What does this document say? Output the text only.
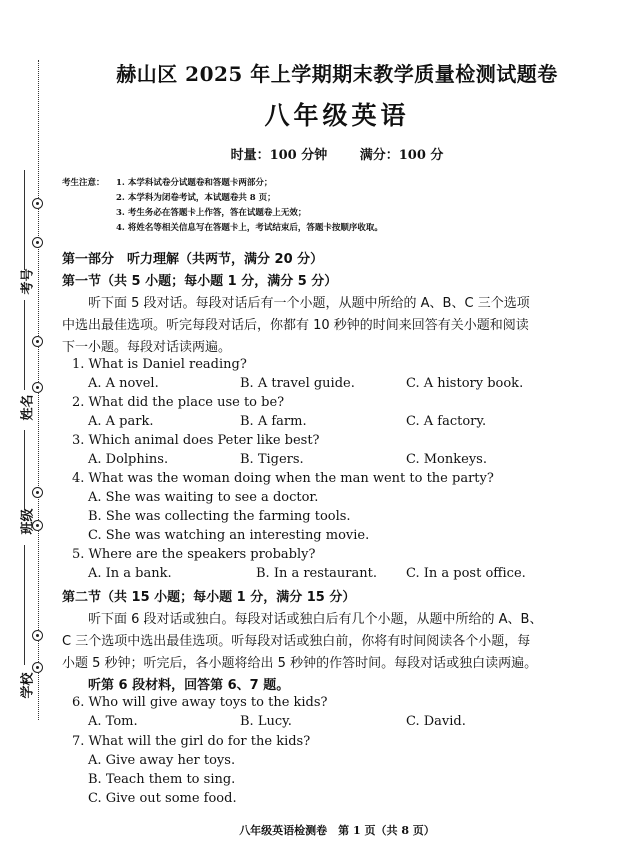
考号
姓名
班级
学校
赫山区 2025 年上学期期末教学质量检测试题卷
八年级英语
时量：100 分钟	满分：100 分
考生注意： 1. 本学科试卷分试题卷和答题卡两部分；
2. 本学科为闭卷考试，本试题卷共 8 页；
3. 考生务必在答题卡上作答，答在试题卷上无效；
4. 将姓名等相关信息写在答题卡上，考试结束后，答题卡按顺序收取。
第一部分　听力理解（共两节，满分 20 分）
第一节（共 5 小题；每小题 1 分，满分 5 分）
听下面 5 段对话。每段对话后有一个小题，从题中所给的 A、B、C 三个选项
中选出最佳选项。听完每段对话后，你都有 10 秒钟的时间来回答有关小题和阅读
下一小题。每段对话读两遍。
1. What is Daniel reading?
A. A novel.	B. A travel guide.	C. A history book.
2. What did the place use to be?
A. A park.	B. A farm.	C. A factory.
3. Which animal does Peter like best?
A. Dolphins.	B. Tigers.	C. Monkeys.
4. What was the woman doing when the man went to the party?
A. She was waiting to see a doctor.
B. She was collecting the farming tools.
C. She was watching an interesting movie.
5. Where are the speakers probably?
A. In a bank.	B. In a restaurant. C. In a post office.
第二节（共 15 小题；每小题 1 分，满分 15 分）
听下面 6 段对话或独白。每段对话或独白后有几个小题，从题中所给的 A、B、
C 三个选项中选出最佳选项。听每段对话或独白前，你将有时间阅读各个小题，每
小题 5 秒钟；听完后，各小题将给出 5 秒钟的作答时间。每段对话或独白读两遍。
听第 6 段材料，回答第 6、7 题。
6. Who will give away toys to the kids?
A. Tom.	B. Lucy.	C. David.
7. What will the girl do for the kids?
A. Give away her toys.
B. Teach them to sing.
C. Give out some food.
八年级英语检测卷　第 1 页（共 8 页）
